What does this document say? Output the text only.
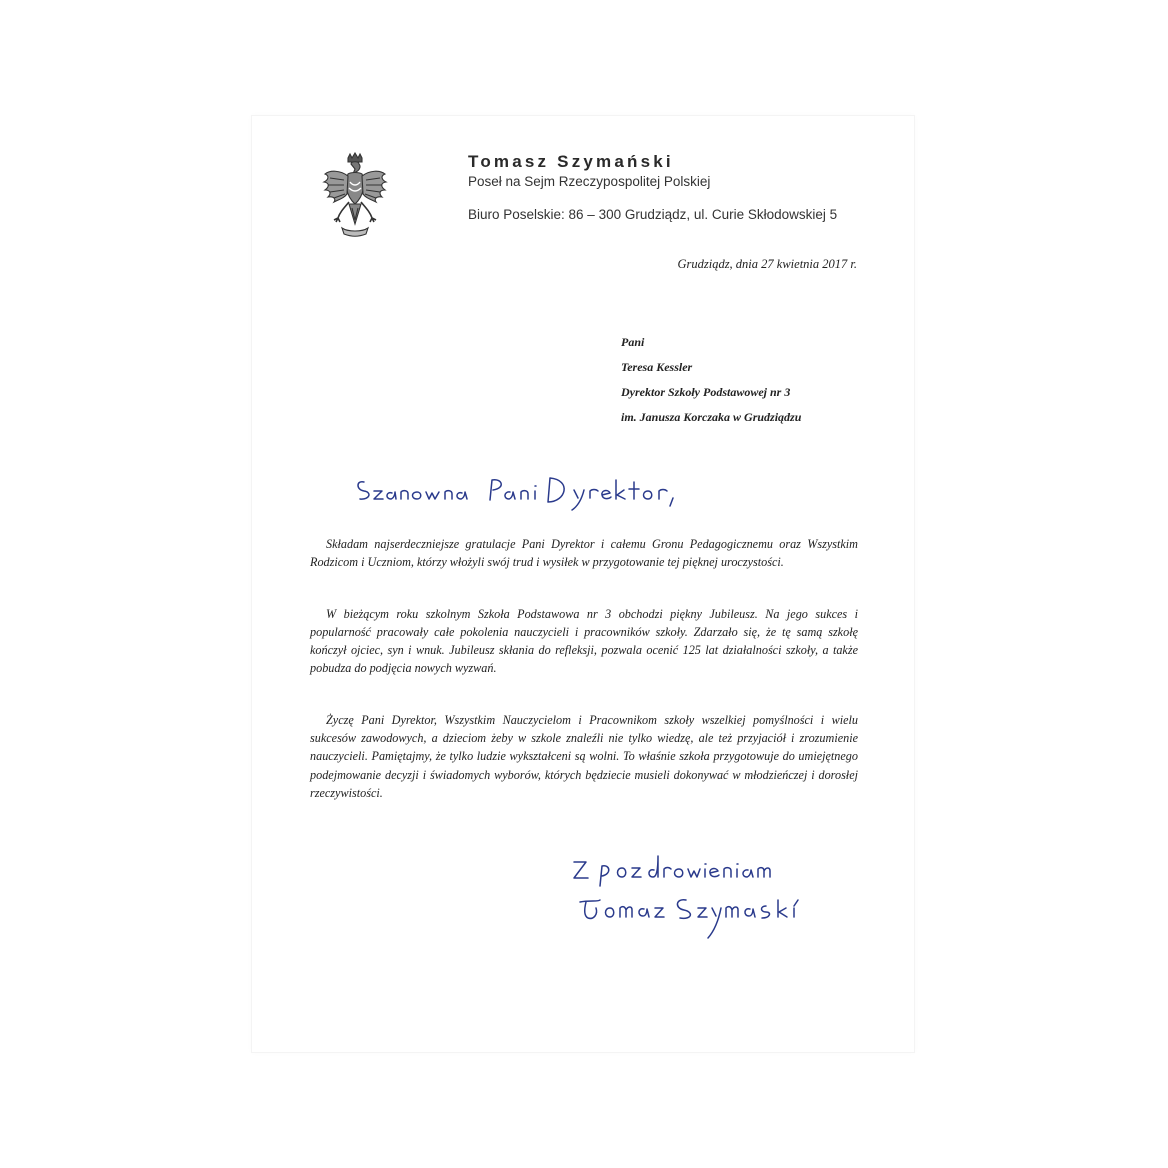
Tomasz Szymański
Poseł na Sejm Rzeczypospolitej Polskiej
Biuro Poselskie: 86 – 300 Grudziądz, ul. Curie Skłodowskiej 5
Grudziądz, dnia 27 kwietnia 2017 r.
Pani
Teresa Kessler
Dyrektor Szkoły Podstawowej nr 3
im. Janusza Korczaka w Grudziądzu

Składam najserdeczniejsze gratulacje Pani Dyrektor i całemu Gronu Pedagogicznemu oraz Wszystkim Rodzicom i Uczniom, którzy włożyli swój trud i wysiłek w przygotowanie tej pięknej uroczystości.

W bieżącym roku szkolnym Szkoła Podstawowa nr 3 obchodzi piękny Jubileusz. Na jego sukces i popularność pracowały całe pokolenia nauczycieli i pracowników szkoły. Zdarzało się, że tę samą szkołę kończył ojciec, syn i wnuk. Jubileusz skłania do refleksji, pozwala ocenić 125 lat działalności szkoły, a także pobudza do podjęcia nowych wyzwań.

Życzę Pani Dyrektor, Wszystkim Nauczycielom i Pracownikom szkoły wszelkiej pomyślności i wielu sukcesów zawodowych, a dzieciom żeby w szkole znaleźli nie tylko wiedzę, ale też przyjaciół i zrozumienie nauczycieli. Pamiętajmy, że tylko ludzie wykształceni są wolni. To właśnie szkoła przygotowuje do umiejętnego podejmowanie decyzji i świadomych wyborów, których będziecie musieli dokonywać w młodzieńczej i dorosłej rzeczywistości.
